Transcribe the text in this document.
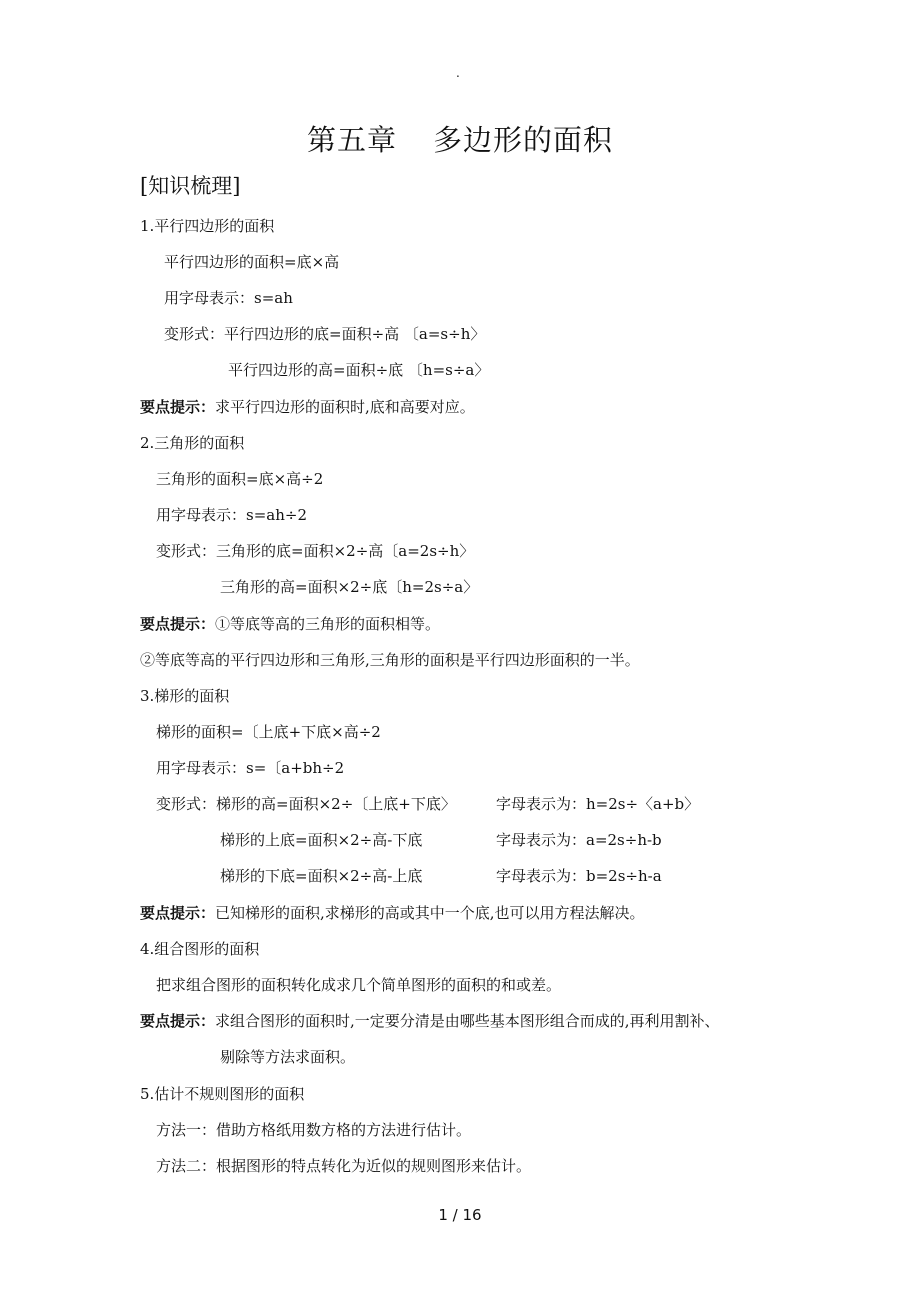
.
第五章 多边形的面积
[知识梳理]
1.平行四边形的面积
平行四边形的面积=底×高
用字母表示：s=ah
变形式：平行四边形的底=面积÷高 〔a=s÷h〉
平行四边形的高=面积÷底 〔h=s÷a〉
要点提示：求平行四边形的面积时,底和高要对应。
2.三角形的面积
三角形的面积=底×高÷2
用字母表示：s=ah÷2
变形式：三角形的底=面积×2÷高〔a=2s÷h〉
三角形的高=面积×2÷底〔h=2s÷a〉
要点提示：①等底等高的三角形的面积相等。
②等底等高的平行四边形和三角形,三角形的面积是平行四边形面积的一半。
3.梯形的面积
梯形的面积=〔上底+下底×高÷2
用字母表示：s=〔a+bh÷2
变形式：梯形的高=面积×2÷〔上底+下底〉	字母表示为：h=2s÷〈a+b〉
梯形的上底=面积×2÷高-下底	字母表示为：a=2s÷h-b
梯形的下底=面积×2÷高-上底	字母表示为：b=2s÷h-a
要点提示：已知梯形的面积,求梯形的高或其中一个底,也可以用方程法解决。
4.组合图形的面积
把求组合图形的面积转化成求几个简单图形的面积的和或差。
要点提示：求组合图形的面积时,一定要分清是由哪些基本图形组合而成的,再利用割补、
剔除等方法求面积。
5.估计不规则图形的面积
方法一：借助方格纸用数方格的方法进行估计。
方法二：根据图形的特点转化为近似的规则图形来估计。
1 / 16
